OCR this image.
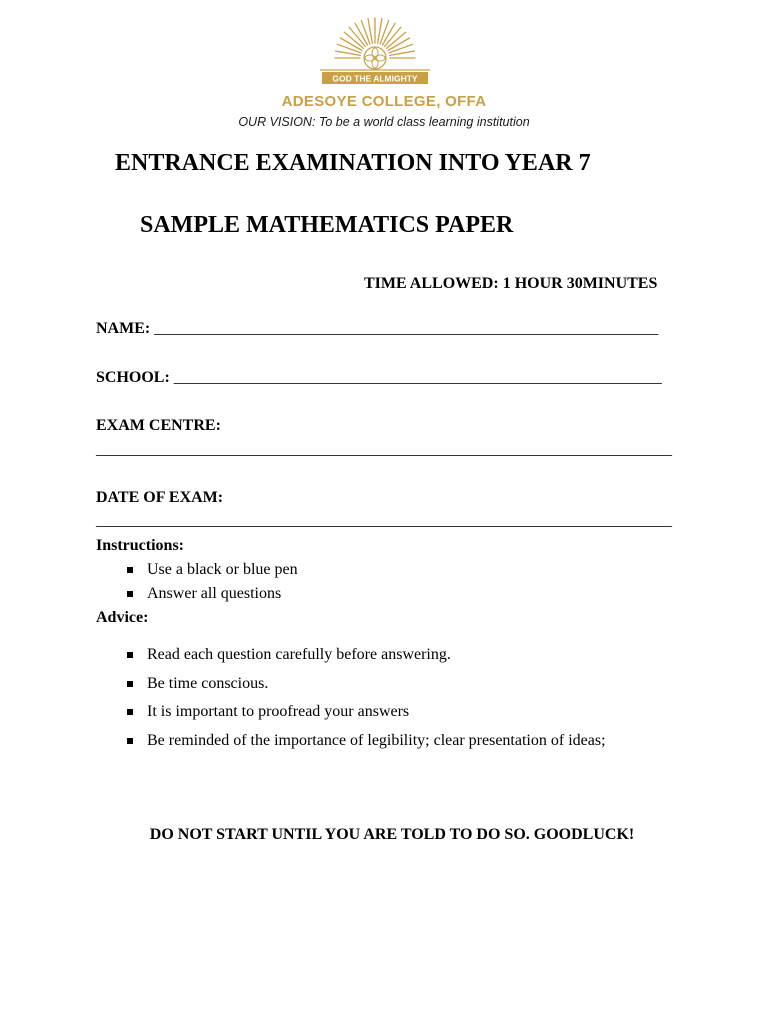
GOD THE ALMIGHTY
ADESOYE COLLEGE, OFFA
OUR VISION: To be a world class learning institution
ENTRANCE EXAMINATION INTO YEAR 7
SAMPLE MATHEMATICS PAPER
TIME ALLOWED: 1 HOUR 30MINUTES
NAME: _______________________________________________________________
SCHOOL: _____________________________________________________________
EXAM CENTRE:
________________________________________________________________________
DATE OF EXAM:
________________________________________________________________________
Instructions:
Use a black or blue pen
Answer all questions
Advice:
Read each question carefully before answering.
Be time conscious.
It is important to proofread your answers
Be reminded of the importance of legibility; clear presentation of ideas;
DO NOT START UNTIL YOU ARE TOLD TO DO SO. GOODLUCK!
